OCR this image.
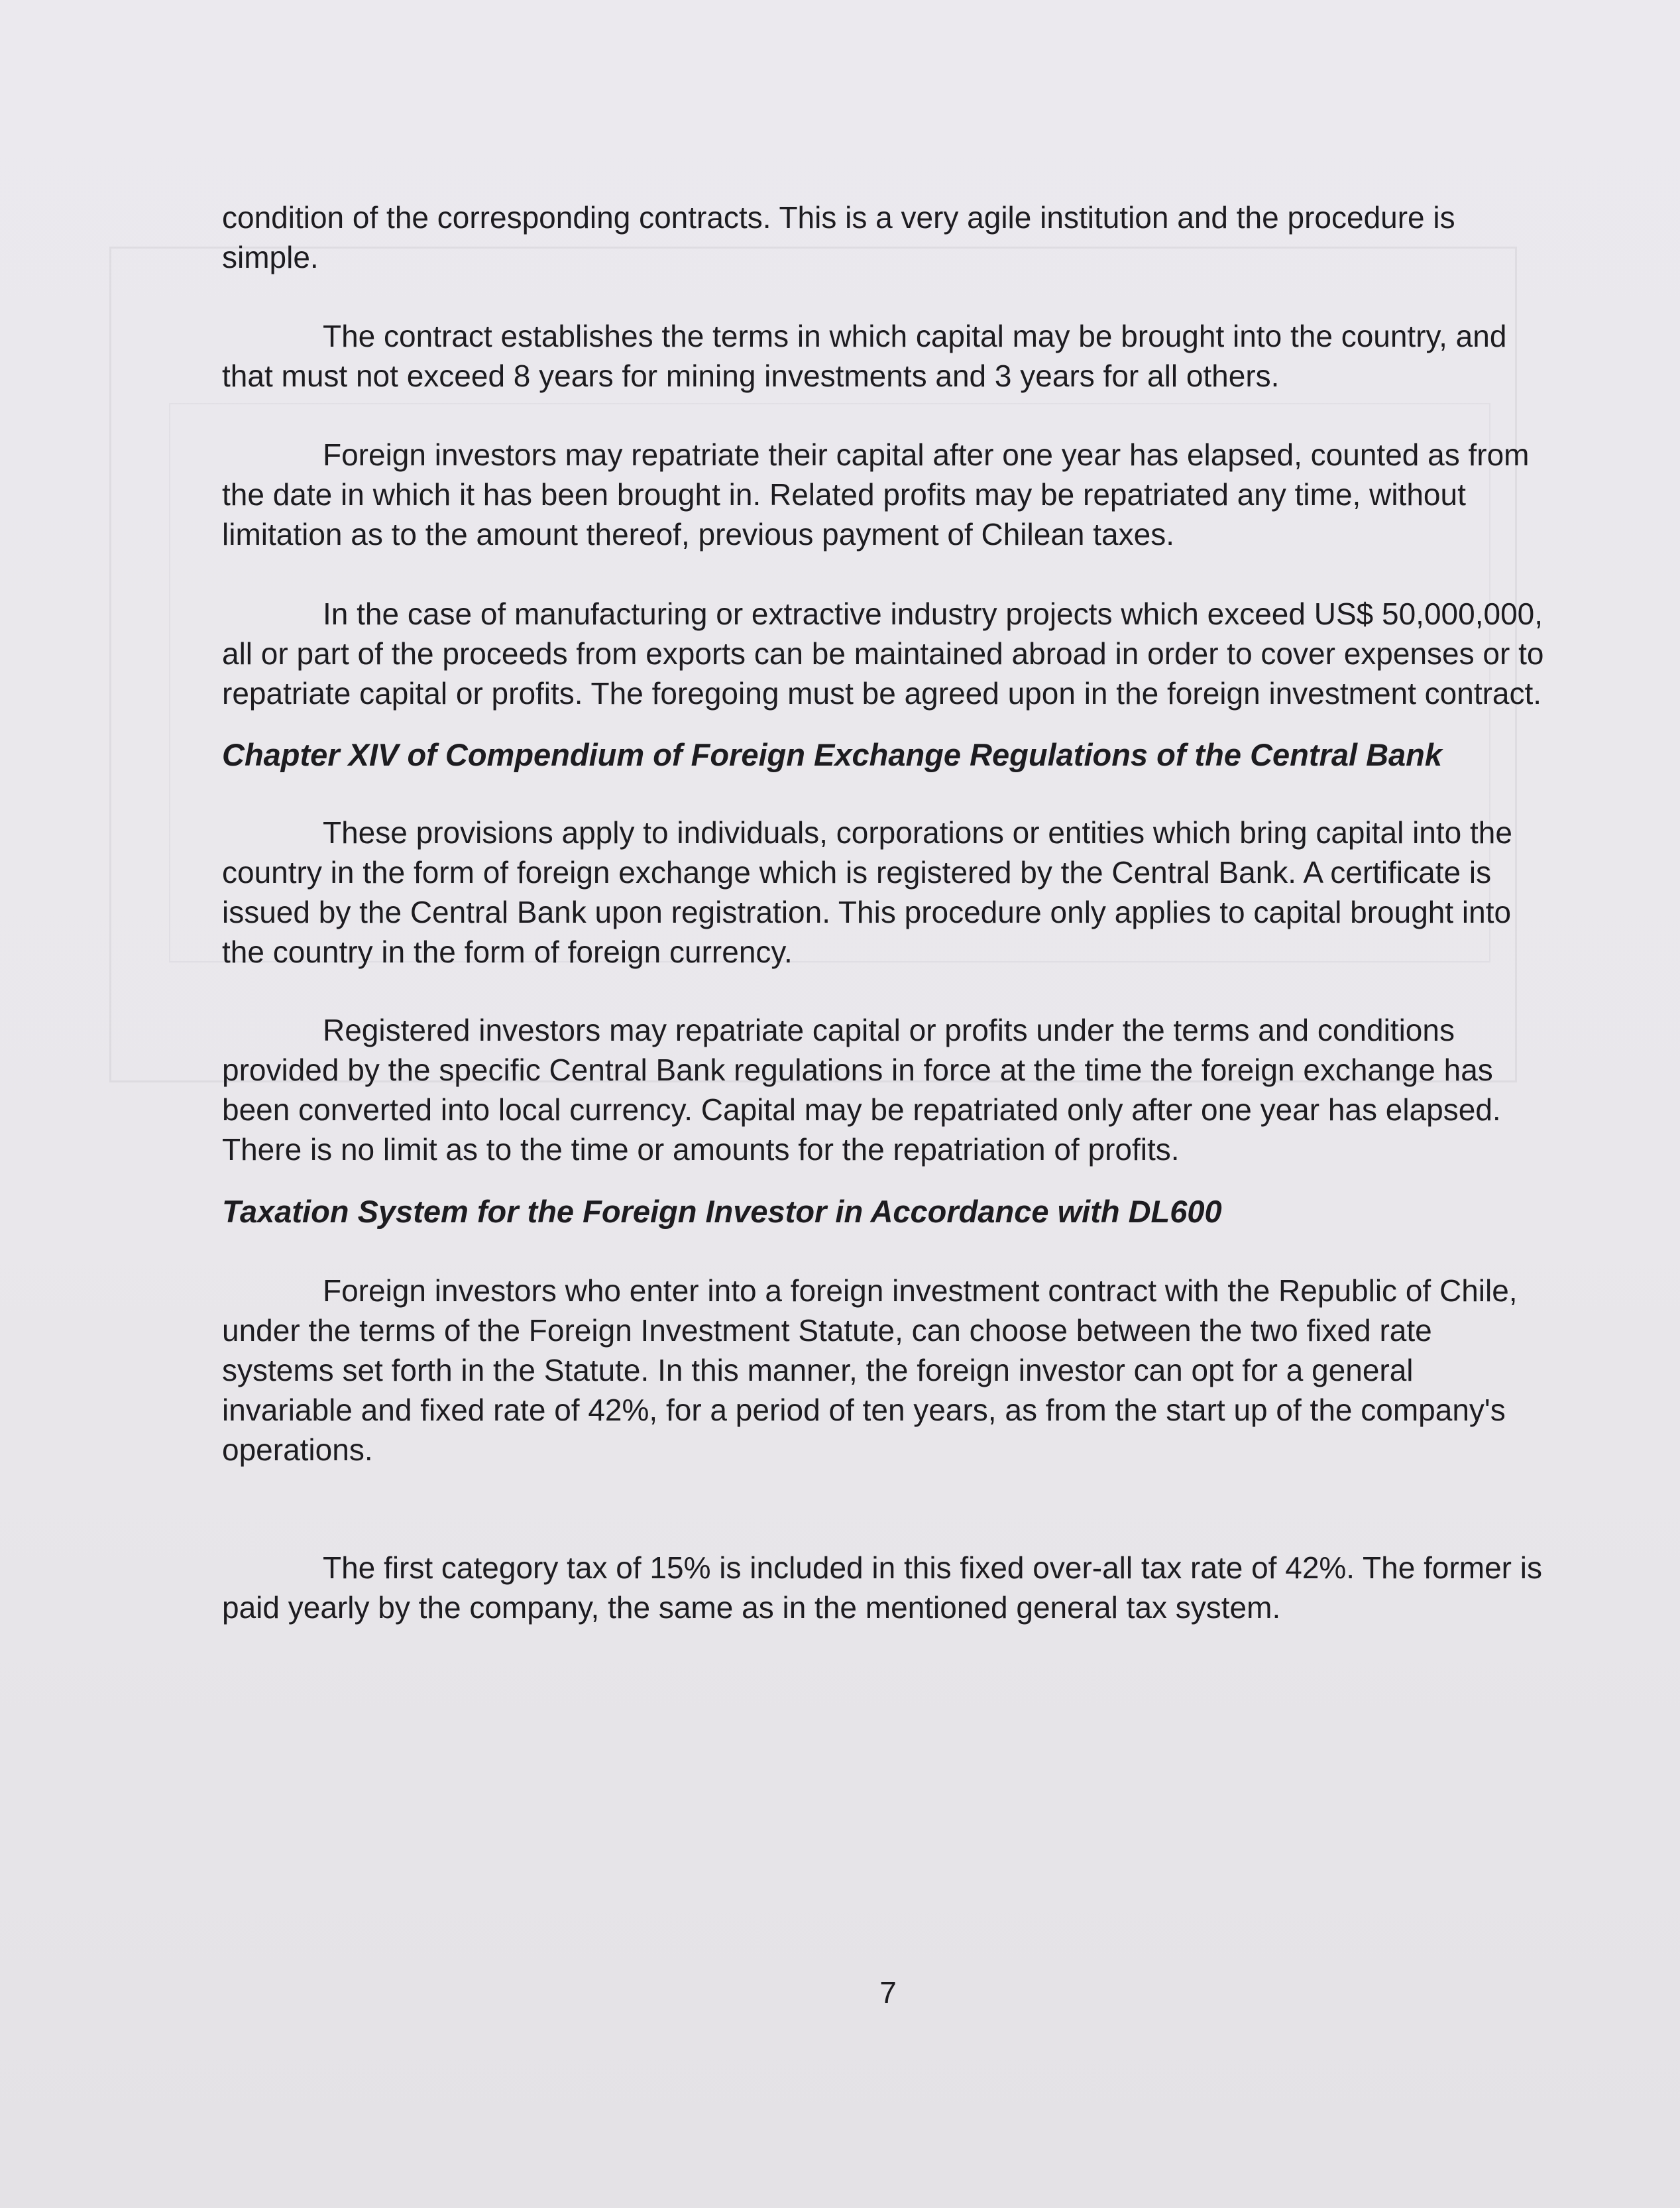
condition of the corresponding contracts. This is a very agile institution and the procedure is simple.

The contract establishes the terms in which capital may be brought into the country, and that must not exceed 8 years for mining investments and 3 years for all others.

Foreign investors may repatriate their capital after one year has elapsed, counted as from the date in which it has been brought in. Related profits may be repatriated any time, without limitation as to the amount thereof, previous payment of Chilean taxes.

In the case of manufacturing or extractive industry projects which exceed US$ 50,000,000, all or part of the proceeds from exports can be maintained abroad in order to cover expenses or to repatriate capital or profits. The foregoing must be agreed upon in the foreign investment contract.

Chapter XIV of Compendium of Foreign Exchange Regulations of the Central Bank

These provisions apply to individuals, corporations or entities which bring capital into the country in the form of foreign exchange which is registered by the Central Bank. A certificate is issued by the Central Bank upon registration. This procedure only applies to capital brought into the country in the form of foreign currency.

Registered investors may repatriate capital or profits under the terms and conditions provided by the specific Central Bank regulations in force at the time the foreign exchange has been converted into local currency. Capital may be repatriated only after one year has elapsed. There is no limit as to the time or amounts for the repatriation of profits.

Taxation System for the Foreign Investor in Accordance with DL600

Foreign investors who enter into a foreign investment contract with the Republic of Chile, under the terms of the Foreign Investment Statute, can choose between the two fixed rate systems set forth in the Statute. In this manner, the foreign investor can opt for a general invariable and fixed rate of 42%, for a period of ten years, as from the start up of the company's operations.

The first category tax of 15% is included in this fixed over-all tax rate of 42%. The former is paid yearly by the company, the same as in the mentioned general tax system.

7
